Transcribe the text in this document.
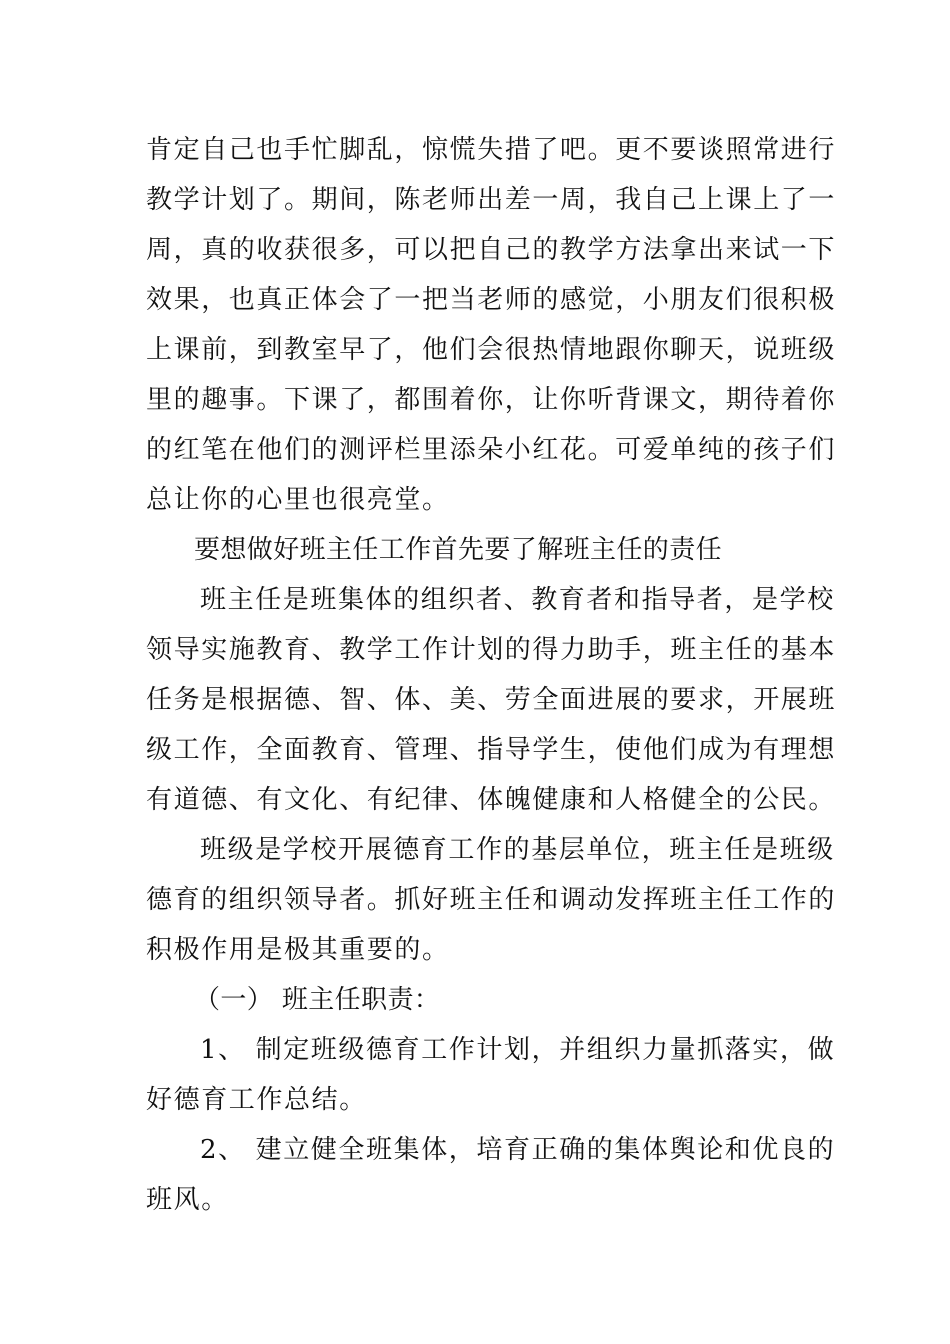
肯定自己也手忙脚乱，惊慌失措了吧。更不要谈照常进行
教学计划了。期间，陈老师出差一周，我自己上课上了一
周，真的收获很多，可以把自己的教学方法拿出来试一下
效果，也真正体会了一把当老师的感觉，小朋友们很积极
上课前，到教室早了，他们会很热情地跟你聊天，说班级
里的趣事。下课了，都围着你，让你听背课文，期待着你
的红笔在他们的测评栏里添朵小红花。可爱单纯的孩子们
总让你的心里也很亮堂。
要想做好班主任工作首先要了解班主任的责任
班主任是班集体的组织者、教育者和指导者，是学校
领导实施教育、教学工作计划的得力助手，班主任的基本
任务是根据德、智、体、美、劳全面进展的要求，开展班
级工作，全面教育、管理、指导学生，使他们成为有理想
有道德、有文化、有纪律、体魄健康和人格健全的公民。
班级是学校开展德育工作的基层单位，班主任是班级
德育的组织领导者。抓好班主任和调动发挥班主任工作的
积极作用是极其重要的。
（一） 班主任职责：
1、 制定班级德育工作计划，并组织力量抓落实，做
好德育工作总结。
2、 建立健全班集体，培育正确的集体舆论和优良的
班风。
